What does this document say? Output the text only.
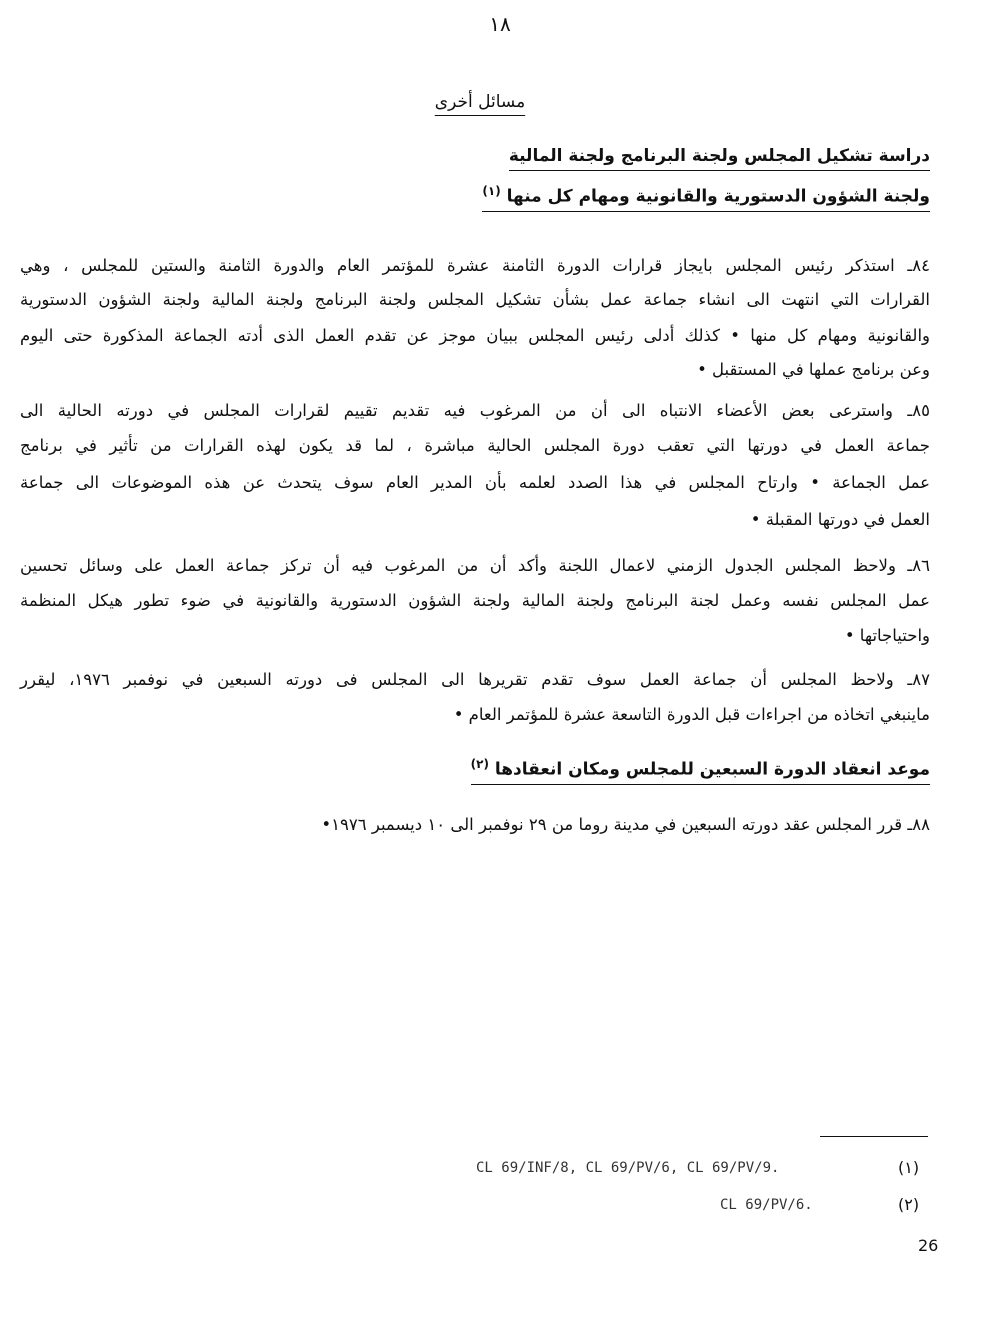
١٨
مسائل أخرى
دراسة تشكيل المجلس ولجنة البرنامج ولجنة المالية
ولجنة الشؤون الدستورية والقانونية ومهام كل منها $^{(١)}$
٨٤ـ استذكر رئيس المجلس بايجاز قرارات الدورة الثامنة عشرة للمؤتمر العام والدورة الثامنة والستين للمجلس ، وهي
القرارات التي انتهت الى انشاء جماعة عمل بشأن تشكيل المجلس ولجنة البرنامج ولجنة المالية ولجنة الشؤون الدستورية
والقانونية ومهام كل منها • كذلك أدلى رئيس المجلس ببيان موجز عن تقدم العمل الذى أدته الجماعة المذكورة حتى اليوم
وعن برنامج عملها في المستقبل •
٨٥ـ واسترعى بعض الأعضاء الانتباه الى أن من المرغوب فيه تقديم تقييم لقرارات المجلس في دورته الحالية الى
جماعة العمل في دورتها التي تعقب دورة المجلس الحالية مباشرة ، لما قد يكون لهذه القرارات من تأثير في برنامج
عمل الجماعة • وارتاح المجلس في هذا الصدد لعلمه بأن المدير العام سوف يتحدث عن هذه الموضوعات الى جماعة
العمل في دورتها المقبلة •
٨٦ـ ولاحظ المجلس الجدول الزمني لاعمال اللجنة وأكد أن من المرغوب فيه أن تركز جماعة العمل على وسائل تحسين
عمل المجلس نفسه وعمل لجنة البرنامج ولجنة المالية ولجنة الشؤون الدستورية والقانونية في ضوء تطور هيكل المنظمة
واحتياجاتها •
٨٧ـ ولاحظ المجلس أن جماعة العمل سوف تقدم تقريرها الى المجلس فى دورته السبعين في نوفمبر ١٩٧٦، ليقرر
ماينبغي اتخاذه من اجراءات قبل الدورة التاسعة عشرة للمؤتمر العام •
موعد انعقاد الدورة السبعين للمجلس ومكان انعقادها $^{(٢)}$
٨٨ـ قرر المجلس عقد دورته السبعين في مدينة روما من ٢٩ نوفمبر الى ١٠ ديسمبر ١٩٧٦•
(١)
CL 69/INF/8, CL 69/PV/6, CL 69/PV/9.
(٢)
CL 69/PV/6.
26
